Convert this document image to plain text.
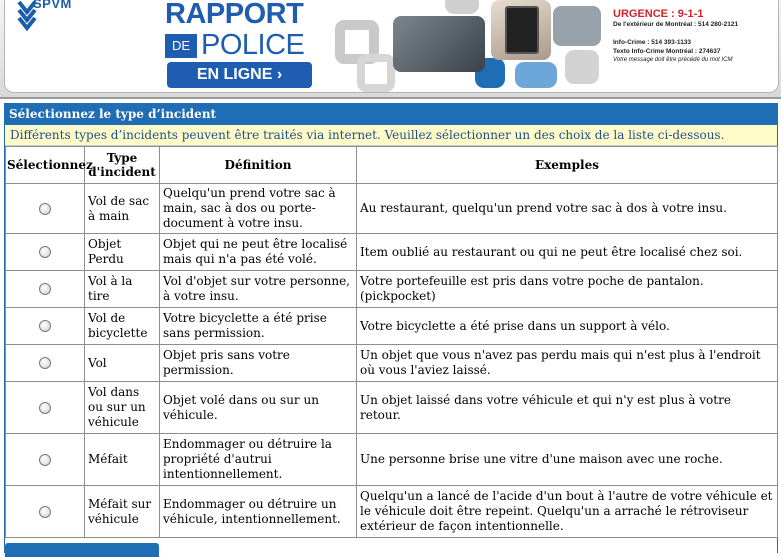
SPVM	RAPPORT
DE POLICE
EN LIGNE ›
URGENCE : 9-1-1
De l'extérieur de Montréal : 514 280-2121
Info-Crime : 514 393-1133
Texto Info-Crime Montréal : 274637
Votre message doit être précédé du mot ICM
Sélectionnez le type d’incident
Différents types d’incidents peuvent être traités via internet. Veuillez sélectionner un des choix de la liste ci-dessous.
Sélectionnez	Type d'incident	Définition	Exemples
	Vol de sac à main	Quelqu'un prend votre sac à main, sac à dos ou porte-document à votre insu.	Au restaurant, quelqu'un prend votre sac à dos à votre insu.
	Objet Perdu	Objet qui ne peut être localisé mais qui n'a pas été volé.	Item oublié au restaurant ou qui ne peut être localisé chez soi.
	Vol à la tire	Vol d'objet sur votre personne, à votre insu.	Votre portefeuille est pris dans votre poche de pantalon. (pickpocket)
	Vol de bicyclette	Votre bicyclette a été prise sans permission.	Votre bicyclette a été prise dans un support à vélo.
	Vol	Objet pris sans votre permission.	Un objet que vous n'avez pas perdu mais qui n'est plus à l'endroit où vous l'aviez laissé.
	Vol dans ou sur un véhicule	Objet volé dans ou sur un véhicule.	Un objet laissé dans votre véhicule et qui n'y est plus à votre retour.
	Méfait	Endommager ou détruire la propriété d'autrui intentionnellement.	Une personne brise une vitre d'une maison avec une roche.
	Méfait sur véhicule	Endommager ou détruire un véhicule, intentionnellement.	Quelqu'un a lancé de l'acide d'un bout à l'autre de votre véhicule et le véhicule doit être repeint. Quelqu'un a arraché le rétroviseur extérieur de façon intentionnelle.
